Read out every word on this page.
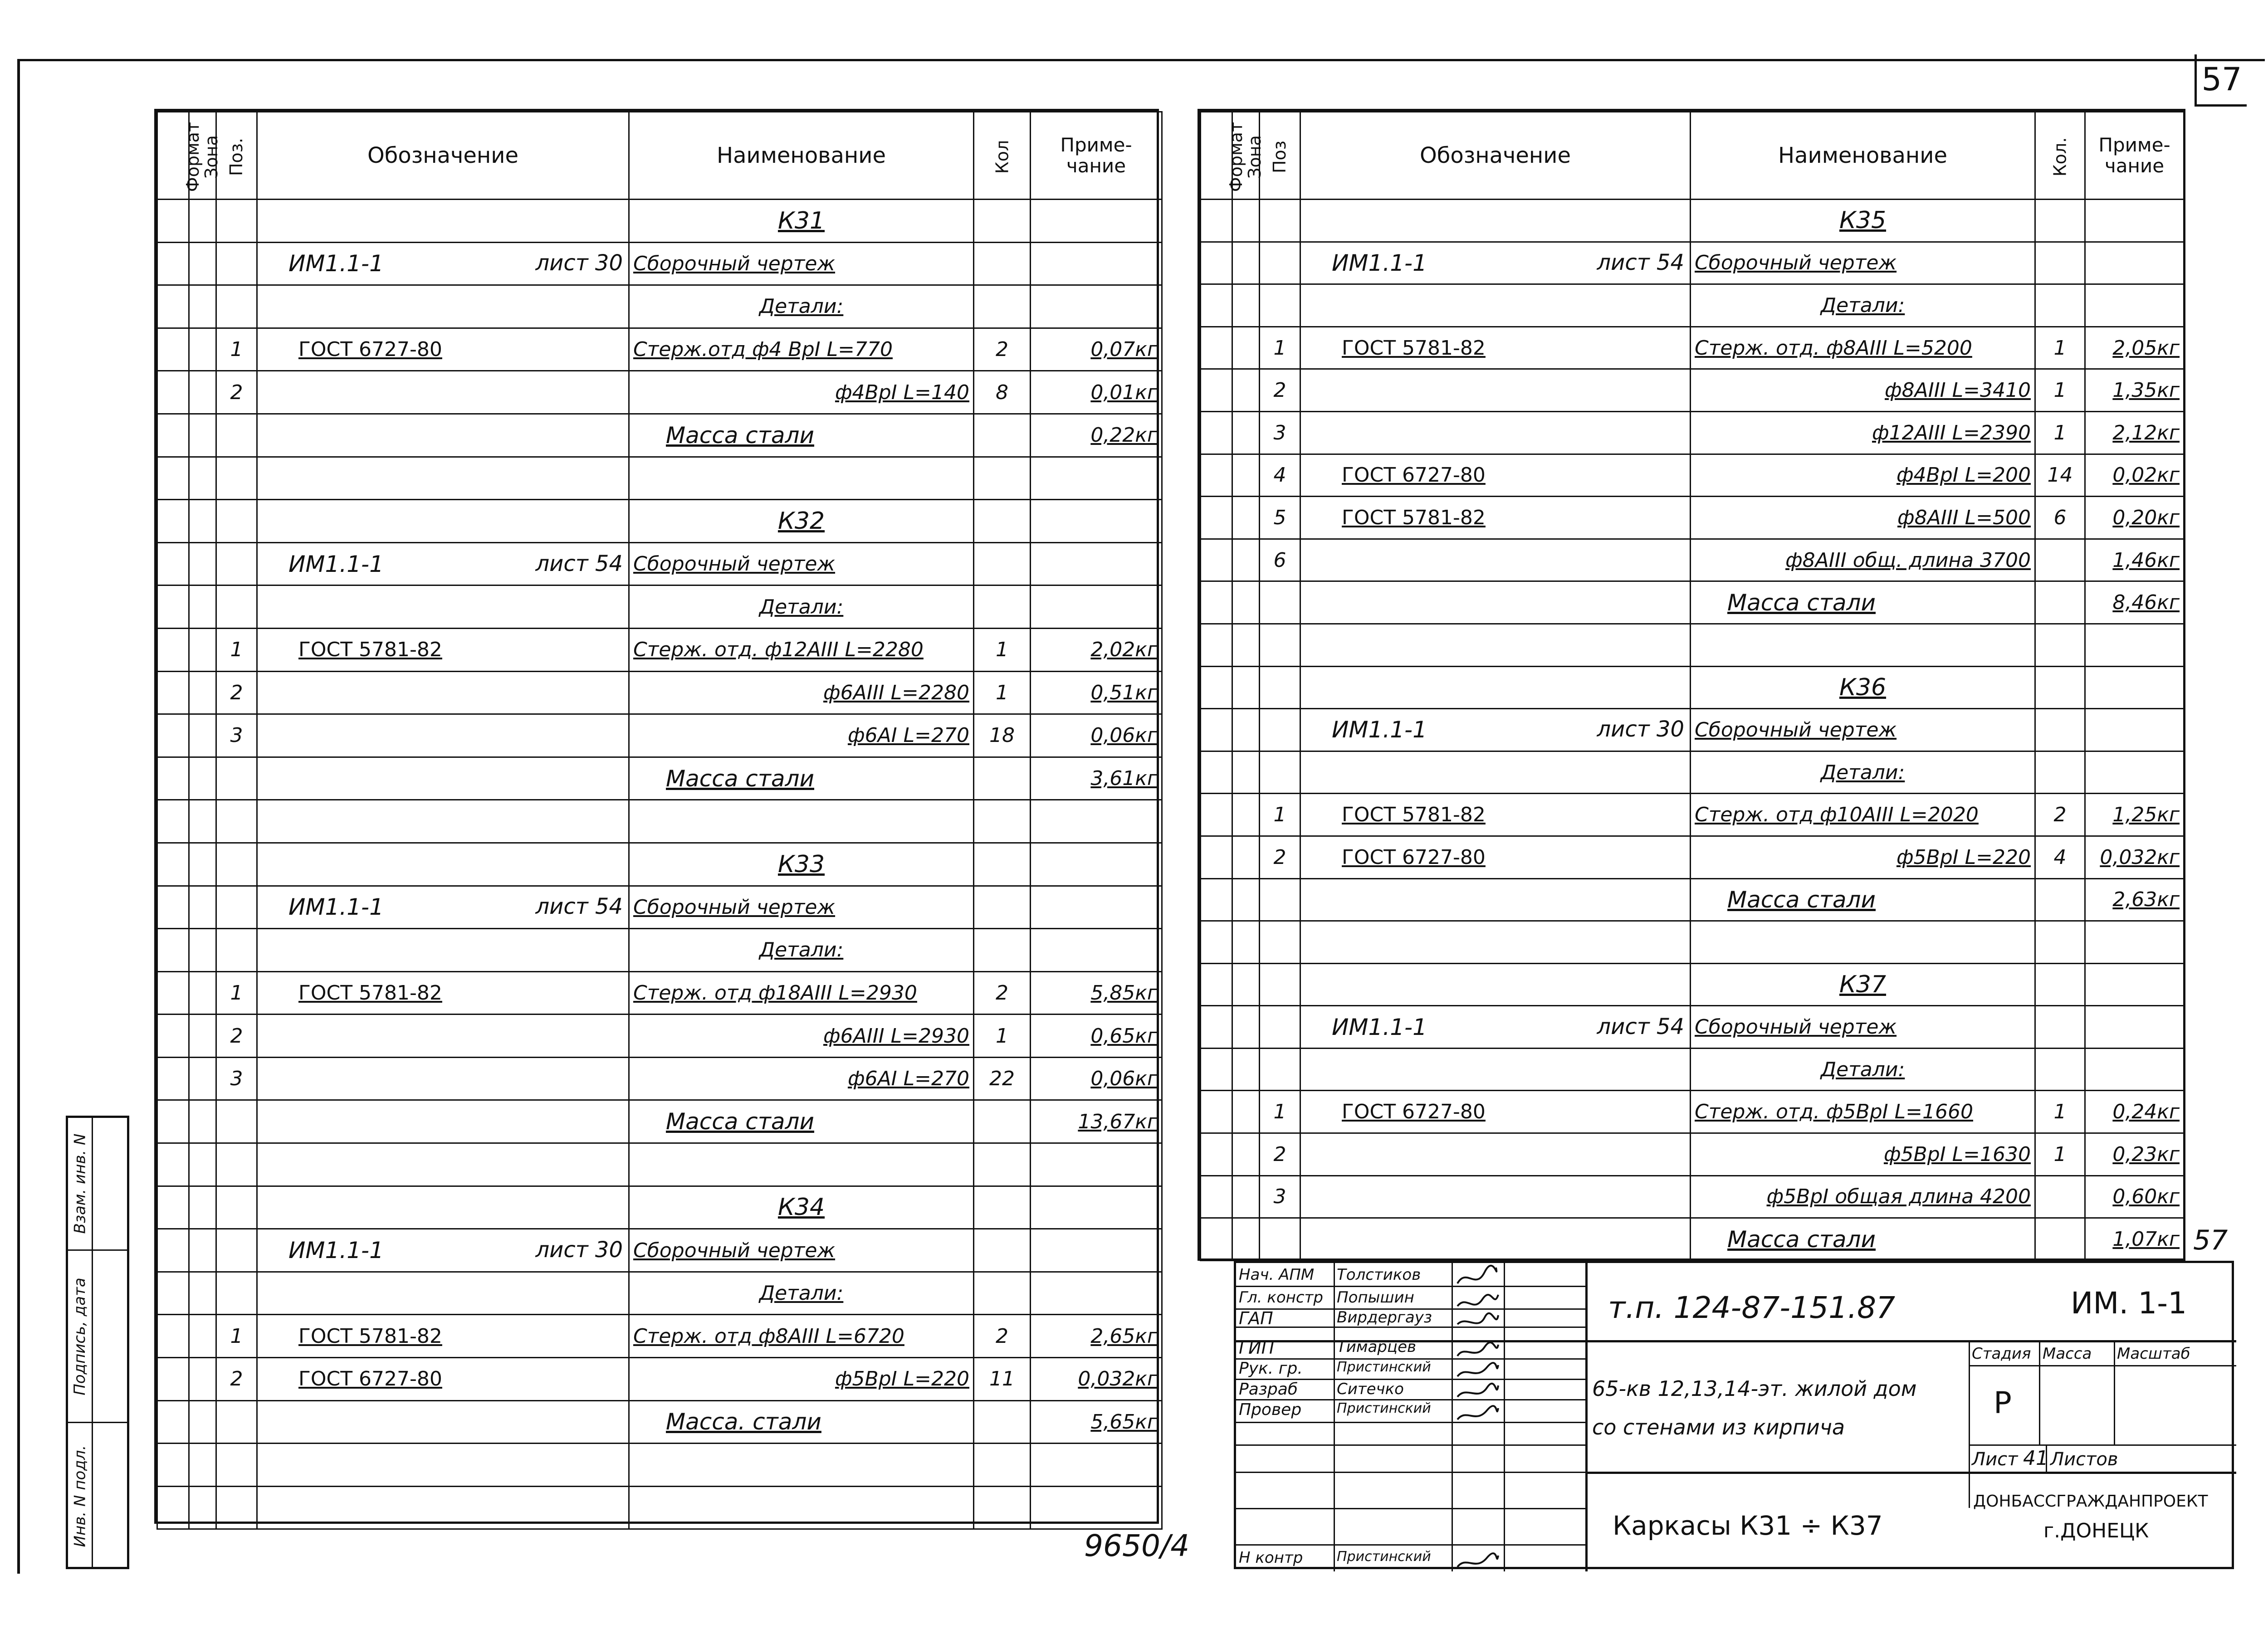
57
Формат	Зона	Поз.	Обозначение	Наименование	Кол	Приме-чание
				К31		
			ИМ1.1-1 лист 30	Сборочный чертеж		
				Детали:		
		1	ГОСТ 6727-80	Стерж.отд ф4 ВрI L=770	2	0,07кг
		2		ф4ВрI L=140	8	0,01кг
				Масса стали		0,22кг

				К32		
			ИМ1.1-1 лист 54	Сборочный чертеж		
				Детали:		
		1	ГОСТ 5781-82	Стерж. отд. ф12АIII L=2280	1	2,02кг
		2		ф6АIII L=2280	1	0,51кг
		3		ф6АI L=270	18	0,06кг
				Масса стали		3,61кг

				К33		
			ИМ1.1-1 лист 54	Сборочный чертеж		
				Детали:		
		1	ГОСТ 5781-82	Стерж. отд ф18АIII L=2930	2	5,85кг
		2		ф6АIII L=2930	1	0,65кг
		3		ф6АI L=270	22	0,06кг
				Масса стали		13,67кг

				К34		
			ИМ1.1-1 лист 30	Сборочный чертеж		
				Детали:		
		1	ГОСТ 5781-82	Стерж. отд ф8АIII L=6720	2	2,65кг
		2	ГОСТ 6727-80	ф5ВрI L=220	11	0,032кг
				Масса. стали		5,65кг

Формат	Зона	Поз	Обозначение	Наименование	Кол.	Приме-чание
				К35		
			ИМ1.1-1 лист 54	Сборочный чертеж		
				Детали:		
		1	ГОСТ 5781-82	Стерж. отд. ф8АIII L=5200	1	2,05кг
		2		ф8АIII L=3410	1	1,35кг
		3		ф12АIII L=2390	1	2,12кг
		4	ГОСТ 6727-80	ф4ВрI L=200	14	0,02кг
		5	ГОСТ 5781-82	ф8АIII L=500	6	0,20кг
		6		ф8АIII общ. длина 3700		1,46кг
				Масса стали		8,46кг

				К36		
			ИМ1.1-1 лист 30	Сборочный чертеж		
				Детали:		
		1	ГОСТ 5781-82	Стерж. отд ф10АIII L=2020	2	1,25кг
		2	ГОСТ 6727-80	ф5ВрI L=220	4	0,032кг
				Масса стали		2,63кг

				К37		
			ИМ1.1-1 лист 54	Сборочный чертеж		
				Детали:		
		1	ГОСТ 6727-80	Стерж. отд. ф5ВрI L=1660	1	0,24кг
		2		ф5ВрI L=1630	1	0,23кг
		3		ф5ВрI общая длина 4200		0,60кг
				Масса стали		1,07кг 57
Взам. инв. N
Подпись, дата
Инв. N подл.
Нач. АПМ Толстиков
Гл. констр Попышин
ГАП	Вирдергауз
ГИП	Тимарцев
Рук. гр.	Пристинский
Разраб	Ситечко
Провер	Пристинский
Н контр Пристинский
т.п. 124-87-151.87	ИМ. 1-1
65-кв 12,13,14-эт. жилой дом
со стенами из кирпича
Стадия Масса Масштаб
Р
Лист 41 Листов
Каркасы К31 ÷ К37
ДОНБАССГРАЖДАНПРОЕКТ
г.ДОНЕЦК
9650/4
